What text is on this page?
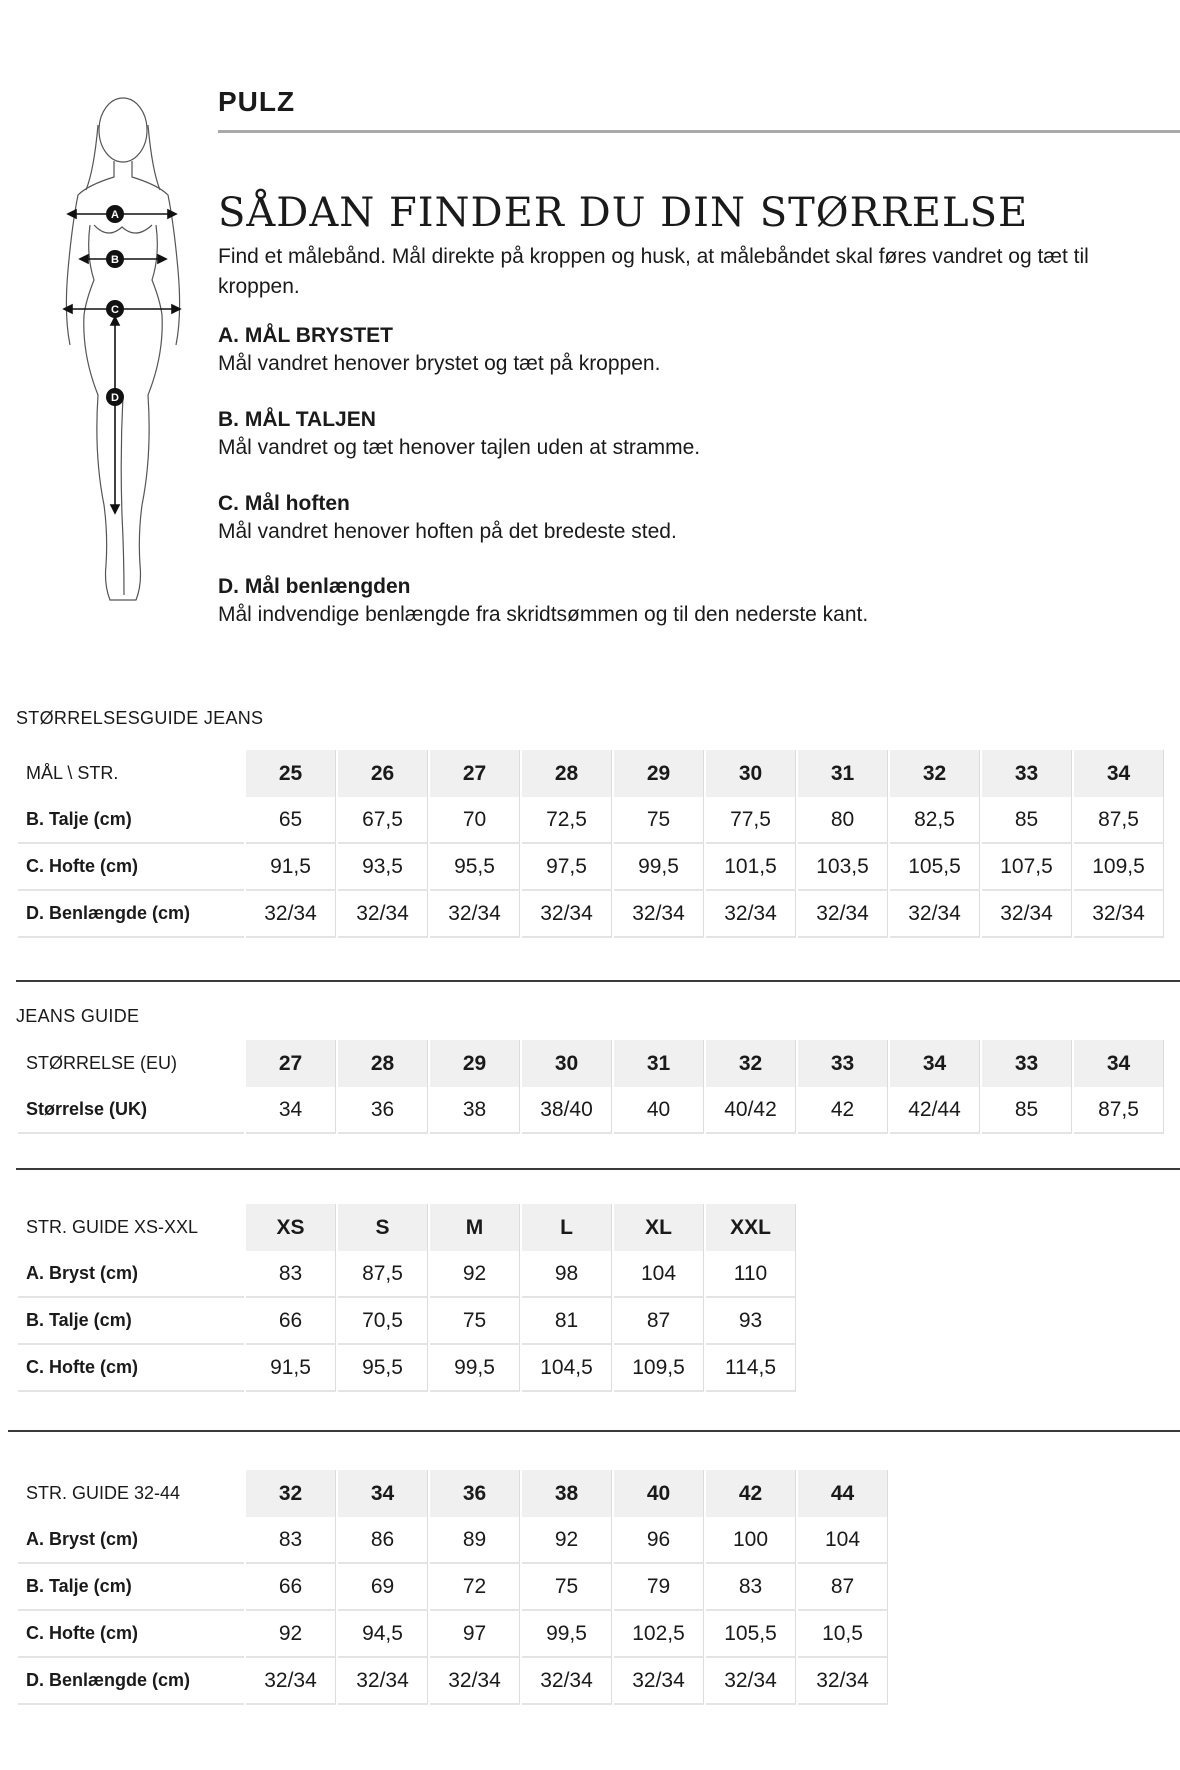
PULZ
A
B
C
D
SÅDAN FINDER DU DIN STØRRELSE

Find et målebånd. Mål direkte på kroppen og husk, at målebåndet skal føres vandret og tæt til kroppen.

A. MÅL BRYSTET
Mål vandret henover brystet og tæt på kroppen.
B. MÅL TALJEN
Mål vandret og tæt henover tajlen uden at stramme.
C. Mål hoften
Mål vandret henover hoften på det bredeste sted.
D. Mål benlængden
Mål indvendige benlængde fra skridtsømmen og til den nederste kant.
STØRRELSESGUIDE JEANS
MÅL \ STR.	25	26	27	28	29	30	31	32	33	34
B. Talje (cm)	65	67,5	70	72,5	75	77,5	80	82,5	85	87,5
C. Hofte (cm)	91,5	93,5	95,5	97,5	99,5	101,5	103,5	105,5	107,5	109,5
D. Benlængde (cm)	32/34	32/34	32/34	32/34	32/34	32/34	32/34	32/34	32/34	32/34
JEANS GUIDE
STØRRELSE (EU)	27	28	29	30	31	32	33	34	33	34
Størrelse (UK)	34	36	38	38/40	40	40/42	42	42/44	85	87,5
STR. GUIDE XS-XXL	XS	S	M	L	XL	XXL
A. Bryst (cm)	83	87,5	92	98	104	110
B. Talje (cm)	66	70,5	75	81	87	93
C. Hofte (cm)	91,5	95,5	99,5	104,5	109,5	114,5
STR. GUIDE 32-44	32	34	36	38	40	42	44
A. Bryst (cm)	83	86	89	92	96	100	104
B. Talje (cm)	66	69	72	75	79	83	87
C. Hofte (cm)	92	94,5	97	99,5	102,5	105,5	10,5
D. Benlængde (cm)	32/34	32/34	32/34	32/34	32/34	32/34	32/34
